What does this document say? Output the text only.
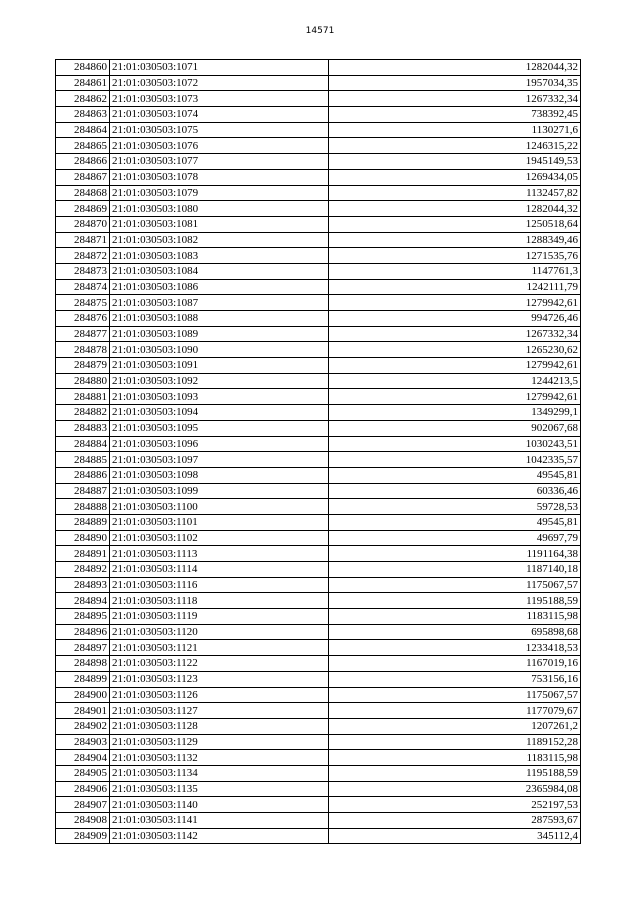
14571
284860	21:01:030503:1071	1282044,32
284861	21:01:030503:1072	1957034,35
284862	21:01:030503:1073	1267332,34
284863	21:01:030503:1074	738392,45
284864	21:01:030503:1075	1130271,6
284865	21:01:030503:1076	1246315,22
284866	21:01:030503:1077	1945149,53
284867	21:01:030503:1078	1269434,05
284868	21:01:030503:1079	1132457,82
284869	21:01:030503:1080	1282044,32
284870	21:01:030503:1081	1250518,64
284871	21:01:030503:1082	1288349,46
284872	21:01:030503:1083	1271535,76
284873	21:01:030503:1084	1147761,3
284874	21:01:030503:1086	1242111,79
284875	21:01:030503:1087	1279942,61
284876	21:01:030503:1088	994726,46
284877	21:01:030503:1089	1267332,34
284878	21:01:030503:1090	1265230,62
284879	21:01:030503:1091	1279942,61
284880	21:01:030503:1092	1244213,5
284881	21:01:030503:1093	1279942,61
284882	21:01:030503:1094	1349299,1
284883	21:01:030503:1095	902067,68
284884	21:01:030503:1096	1030243,51
284885	21:01:030503:1097	1042335,57
284886	21:01:030503:1098	49545,81
284887	21:01:030503:1099	60336,46
284888	21:01:030503:1100	59728,53
284889	21:01:030503:1101	49545,81
284890	21:01:030503:1102	49697,79
284891	21:01:030503:1113	1191164,38
284892	21:01:030503:1114	1187140,18
284893	21:01:030503:1116	1175067,57
284894	21:01:030503:1118	1195188,59
284895	21:01:030503:1119	1183115,98
284896	21:01:030503:1120	695898,68
284897	21:01:030503:1121	1233418,53
284898	21:01:030503:1122	1167019,16
284899	21:01:030503:1123	753156,16
284900	21:01:030503:1126	1175067,57
284901	21:01:030503:1127	1177079,67
284902	21:01:030503:1128	1207261,2
284903	21:01:030503:1129	1189152,28
284904	21:01:030503:1132	1183115,98
284905	21:01:030503:1134	1195188,59
284906	21:01:030503:1135	2365984,08
284907	21:01:030503:1140	252197,53
284908	21:01:030503:1141	287593,67
284909	21:01:030503:1142	345112,4
